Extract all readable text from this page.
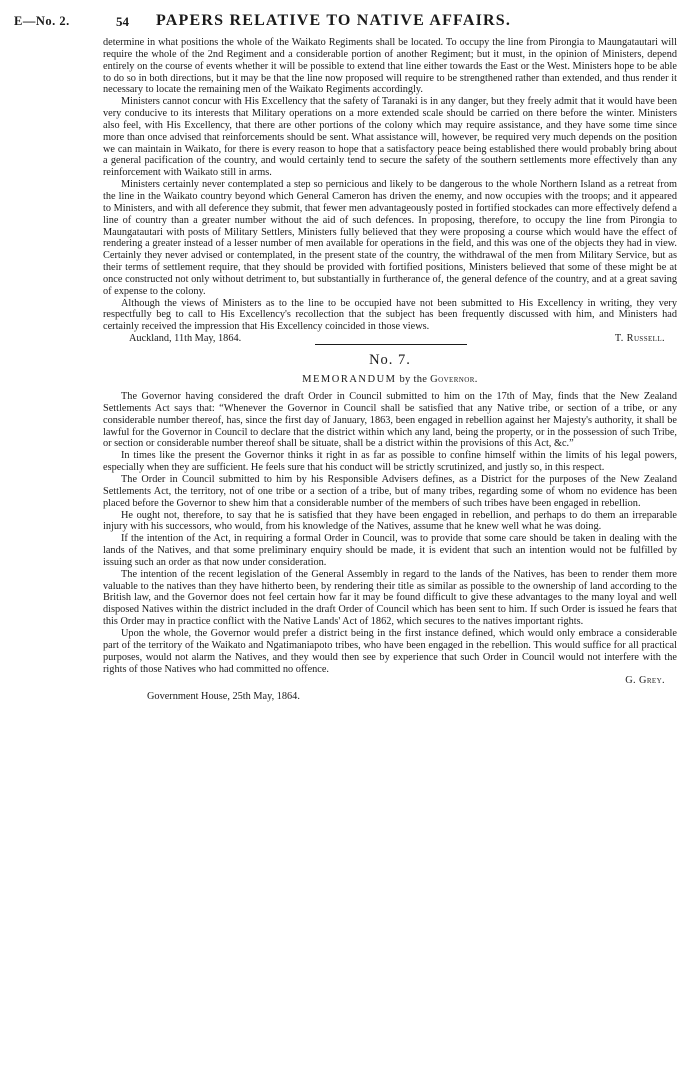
E—No. 2.	54 PAPERS RELATIVE TO NATIVE AFFAIRS.

determine in what positions the whole of the Waikato Regiments shall be located. To occupy the line from Pirongia to Maungatautari will require the whole of the 2nd Regiment and a considerable portion of another Regiment; but it must, in the opinion of Ministers, depend entirely on the course of events whether it will be possible to extend that line either towards the East or the West. Ministers hope to be able to do so in both directions, but it may be that the line now proposed will require to be strengthened rather than extended, and thus render it necessary to locate the remaining men of the Waikato Regiments accordingly.

Ministers cannot concur with His Excellency that the safety of Taranaki is in any danger, but they freely admit that it would have been very conducive to its interests that Military operations on a more extended scale should be carried on there before the winter. Ministers also feel, with His Excellency, that there are other portions of the colony which may require assistance, and they have some time since more than once advised that reinforcements should be sent. What assistance will, however, be required very much depends on the position we can maintain in Waikato, for there is every reason to hope that a satisfactory peace being established there would probably bring about a general pacification of the country, and would certainly tend to secure the safety of the southern settlements more effectively than any reinforcement with Waikato still in arms.

Ministers certainly never contemplated a step so pernicious and likely to be dangerous to the whole Northern Island as a retreat from the line in the Waikato country beyond which General Cameron has driven the enemy, and now occupies with the troops; and it appeared to Ministers, and with all deference they submit, that fewer men advantageously posted in fortified stockades can more effectively defend a line of country than a greater number without the aid of such defences. In proposing, therefore, to occupy the line from Pirongia to Maungatautari with posts of Military Settlers, Ministers fully believed that they were proposing a course which would have the effect of rendering a greater instead of a lesser number of men available for operations in the field, and this was one of the objects they had in view. Certainly they never advised or contemplated, in the present state of the country, the withdrawal of the men from Military Service, but as their terms of settlement require, that they should be provided with fortified positions, Ministers believed that some of these might be at once constructed not only without detriment to, but substantially in furtherance of, the general defence of the country, and at a great saving of expense to the colony.

Although the views of Ministers as to the line to be occupied have not been submitted to His Excellency in writing, they very respectfully beg to call to His Excellency's recollection that the subject has been frequently discussed with him, and Ministers had certainly received the impression that His Excellency coincided in those views.

Auckland, 11th May, 1864.	T. Russell.
No. 7.
MEMORANDUM by the Governor.

The Governor having considered the draft Order in Council submitted to him on the 17th of May, finds that the New Zealand Settlements Act says that: “Whenever the Governor in Council shall be satisfied that any Native tribe, or section of a tribe, or any considerable number thereof, has, since the first day of January, 1863, been engaged in rebellion against her Majesty's authority, it shall be lawful for the Governor in Council to declare that the district within which any land, being the property, or in the possession of such Tribe, or section or considerable number thereof shall be situate, shall be a district within the provisions of this Act, &c.”

In times like the present the Governor thinks it right in as far as possible to confine himself within the limits of his legal powers, especially when they are sufficient. He feels sure that his conduct will be strictly scrutinized, and justly so, in this respect.

The Order in Council submitted to him by his Responsible Advisers defines, as a District for the purposes of the New Zealand Settlements Act, the territory, not of one tribe or a section of a tribe, but of many tribes, regarding some of whom no evidence has been placed before the Governor to shew him that a considerable number of the members of such tribes have been engaged in rebellion.

He ought not, therefore, to say that he is satisfied that they have been engaged in rebellion, and perhaps to do them an irreparable injury with his successors, who would, from his knowledge of the Natives, assume that he knew well what he was doing.

If the intention of the Act, in requiring a formal Order in Council, was to provide that some care should be taken in dealing with the lands of the Natives, and that some preliminary enquiry should be made, it is evident that such an intention would not be fulfilled by issuing such an order as that now under consideration.

The intention of the recent legislation of the General Assembly in regard to the lands of the Natives, has been to render them more valuable to the natives than they have hitherto been, by rendering their title as similar as possible to the ownership of land according to the British law, and the Governor does not feel certain how far it may be found difficult to give these advantages to the many loyal and well disposed Natives within the district included in the draft Order of Council which has been sent to him. If such Order is issued he fears that this Order may in practice conflict with the Native Lands' Act of 1862, which secures to the natives important rights.

Upon the whole, the Governor would prefer a district being in the first instance defined, which would only embrace a considerable part of the territory of the Waikato and Ngatimaniapoto tribes, who have been engaged in the rebellion. This would suffice for all practical purposes, would not alarm the Natives, and they would then see by experience that such Order in Council would not interfere with the rights of those Natives who had committed no offence.

G. Grey.
Government House, 25th May, 1864.
